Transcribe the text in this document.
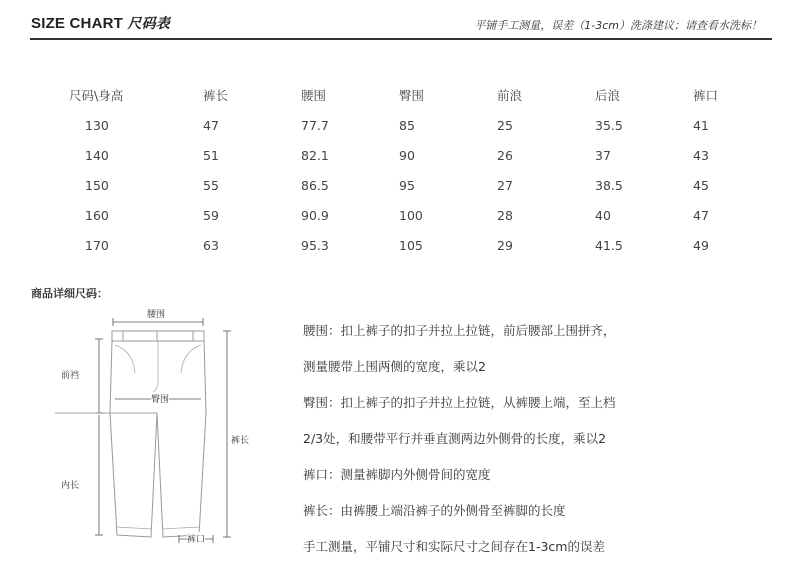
SIZE CHART 尺码表	平铺手工测量，误差（1-3cm）洗涤建议；请查看水洗标！
尺码\身高	裤长	腰围	臀围	前浪	后浪	裤口
130	47	77.7	85	25	35.5	41
140	51	82.1	90	26	37	43
150	55	86.5	95	27	38.5	45
160	59	90.9	100	28	40	47
170	63	95.3	105	29	41.5	49
商品详细尺码：
腰围
前裆
臀围
裤长
内长
裤口
腰围：扣上裤子的扣子并拉上拉链，前后腰部上围拼齐，
测量腰带上围两侧的宽度，乘以2
臀围：扣上裤子的扣子并拉上拉链，从裤腰上端，至上档
2/3处，和腰带平行并垂直测两边外侧骨的长度，乘以2
裤口：测量裤脚内外侧骨间的宽度
裤长：由裤腰上端沿裤子的外侧骨至裤脚的长度
手工测量，平铺尺寸和实际尺寸之间存在1-3cm的误差
